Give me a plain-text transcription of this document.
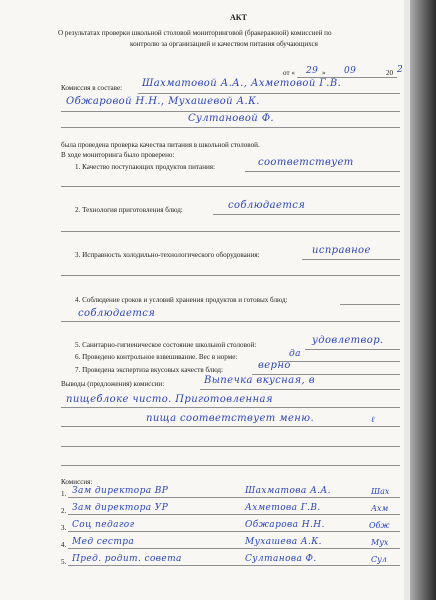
АКТ
О результатах проверки школьной столовой мониторинговой (бракеражной) комиссией по
контролю за организацией и качеством питания обучающихся
от « 29 » 09	20 2
Комиссия в составе: Шахматовой А.А., Ахметовой Г.В.
Обжаровой Н.Н., Мухашевой А.К.
Султановой Ф.
была проведена проверка качества питания в школьной столовой.
В ходе мониторинга было проверено:
1. Качество поступающих продуктов питания:	соответствует
2. Технология приготовления блюд:	соблюдается
3. Исправность холодильно-технологического оборудования:	исправное
4. Соблюдение сроков и условий хранения продуктов и готовых блюд:
соблюдается
5. Санитарно-гигиеническое состояние школьной столовой:	удовлетвор.
6. Проведено контрольное взвешивание. Вес в норме:	да
7. Проведена экспертиза вкусовых качеств блюд:	верно
Выводы (предложения) комиссии:	Выпечка вкусная, в
пищеблоке чисто. Приготовленная
пища соответствует меню.	ℓ
Комиссия:
1. Зам директора ВР	Шахматова А.А.	Шах
2. Зам директора УР	Ахметова Г.В.	Ахм
3. Соц педагог	Обжарова Н.Н.	Обж
4. Мед сестра	Мухашева А.К.	Мух
5. Пред. родит. совета	Султанова Ф.	Сул
